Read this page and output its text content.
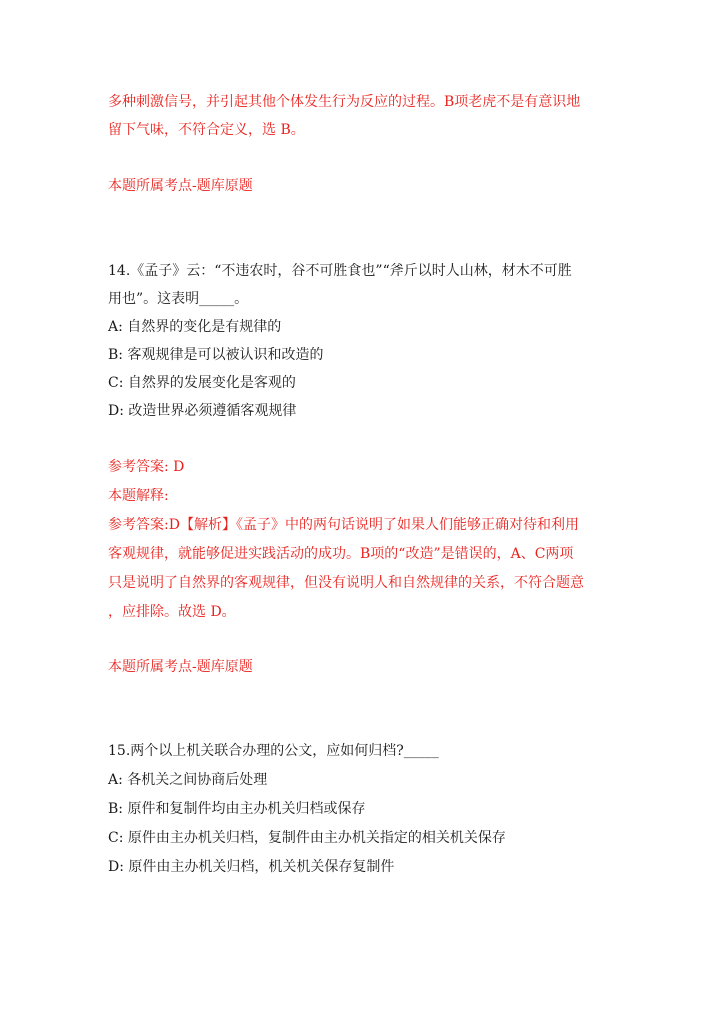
多种刺激信号，并引起其他个体发生行为反应的过程。B项老虎不是有意识地
留下气味，不符合定义，选 B。
本题所属考点-题库原题
14.《孟子》云：“不违农时，谷不可胜食也”“斧斤以时人山林，材木不可胜
用也”。这表明_____。
A: 自然界的变化是有规律的
B: 客观规律是可以被认识和改造的
C: 自然界的发展变化是客观的
D: 改造世界必须遵循客观规律
参考答案: D
本题解释:
参考答案:D【解析】《孟子》中的两句话说明了如果人们能够正确对待和利用
客观规律，就能够促进实践活动的成功。B项的“改造”是错误的，A、C两项
只是说明了自然界的客观规律，但没有说明人和自然规律的关系，不符合题意
，应排除。故选 D。
本题所属考点-题库原题
15.两个以上机关联合办理的公文，应如何归档?_____
A: 各机关之间协商后处理
B: 原件和复制件均由主办机关归档或保存
C: 原件由主办机关归档，复制件由主办机关指定的相关机关保存
D: 原件由主办机关归档，机关机关保存复制件
